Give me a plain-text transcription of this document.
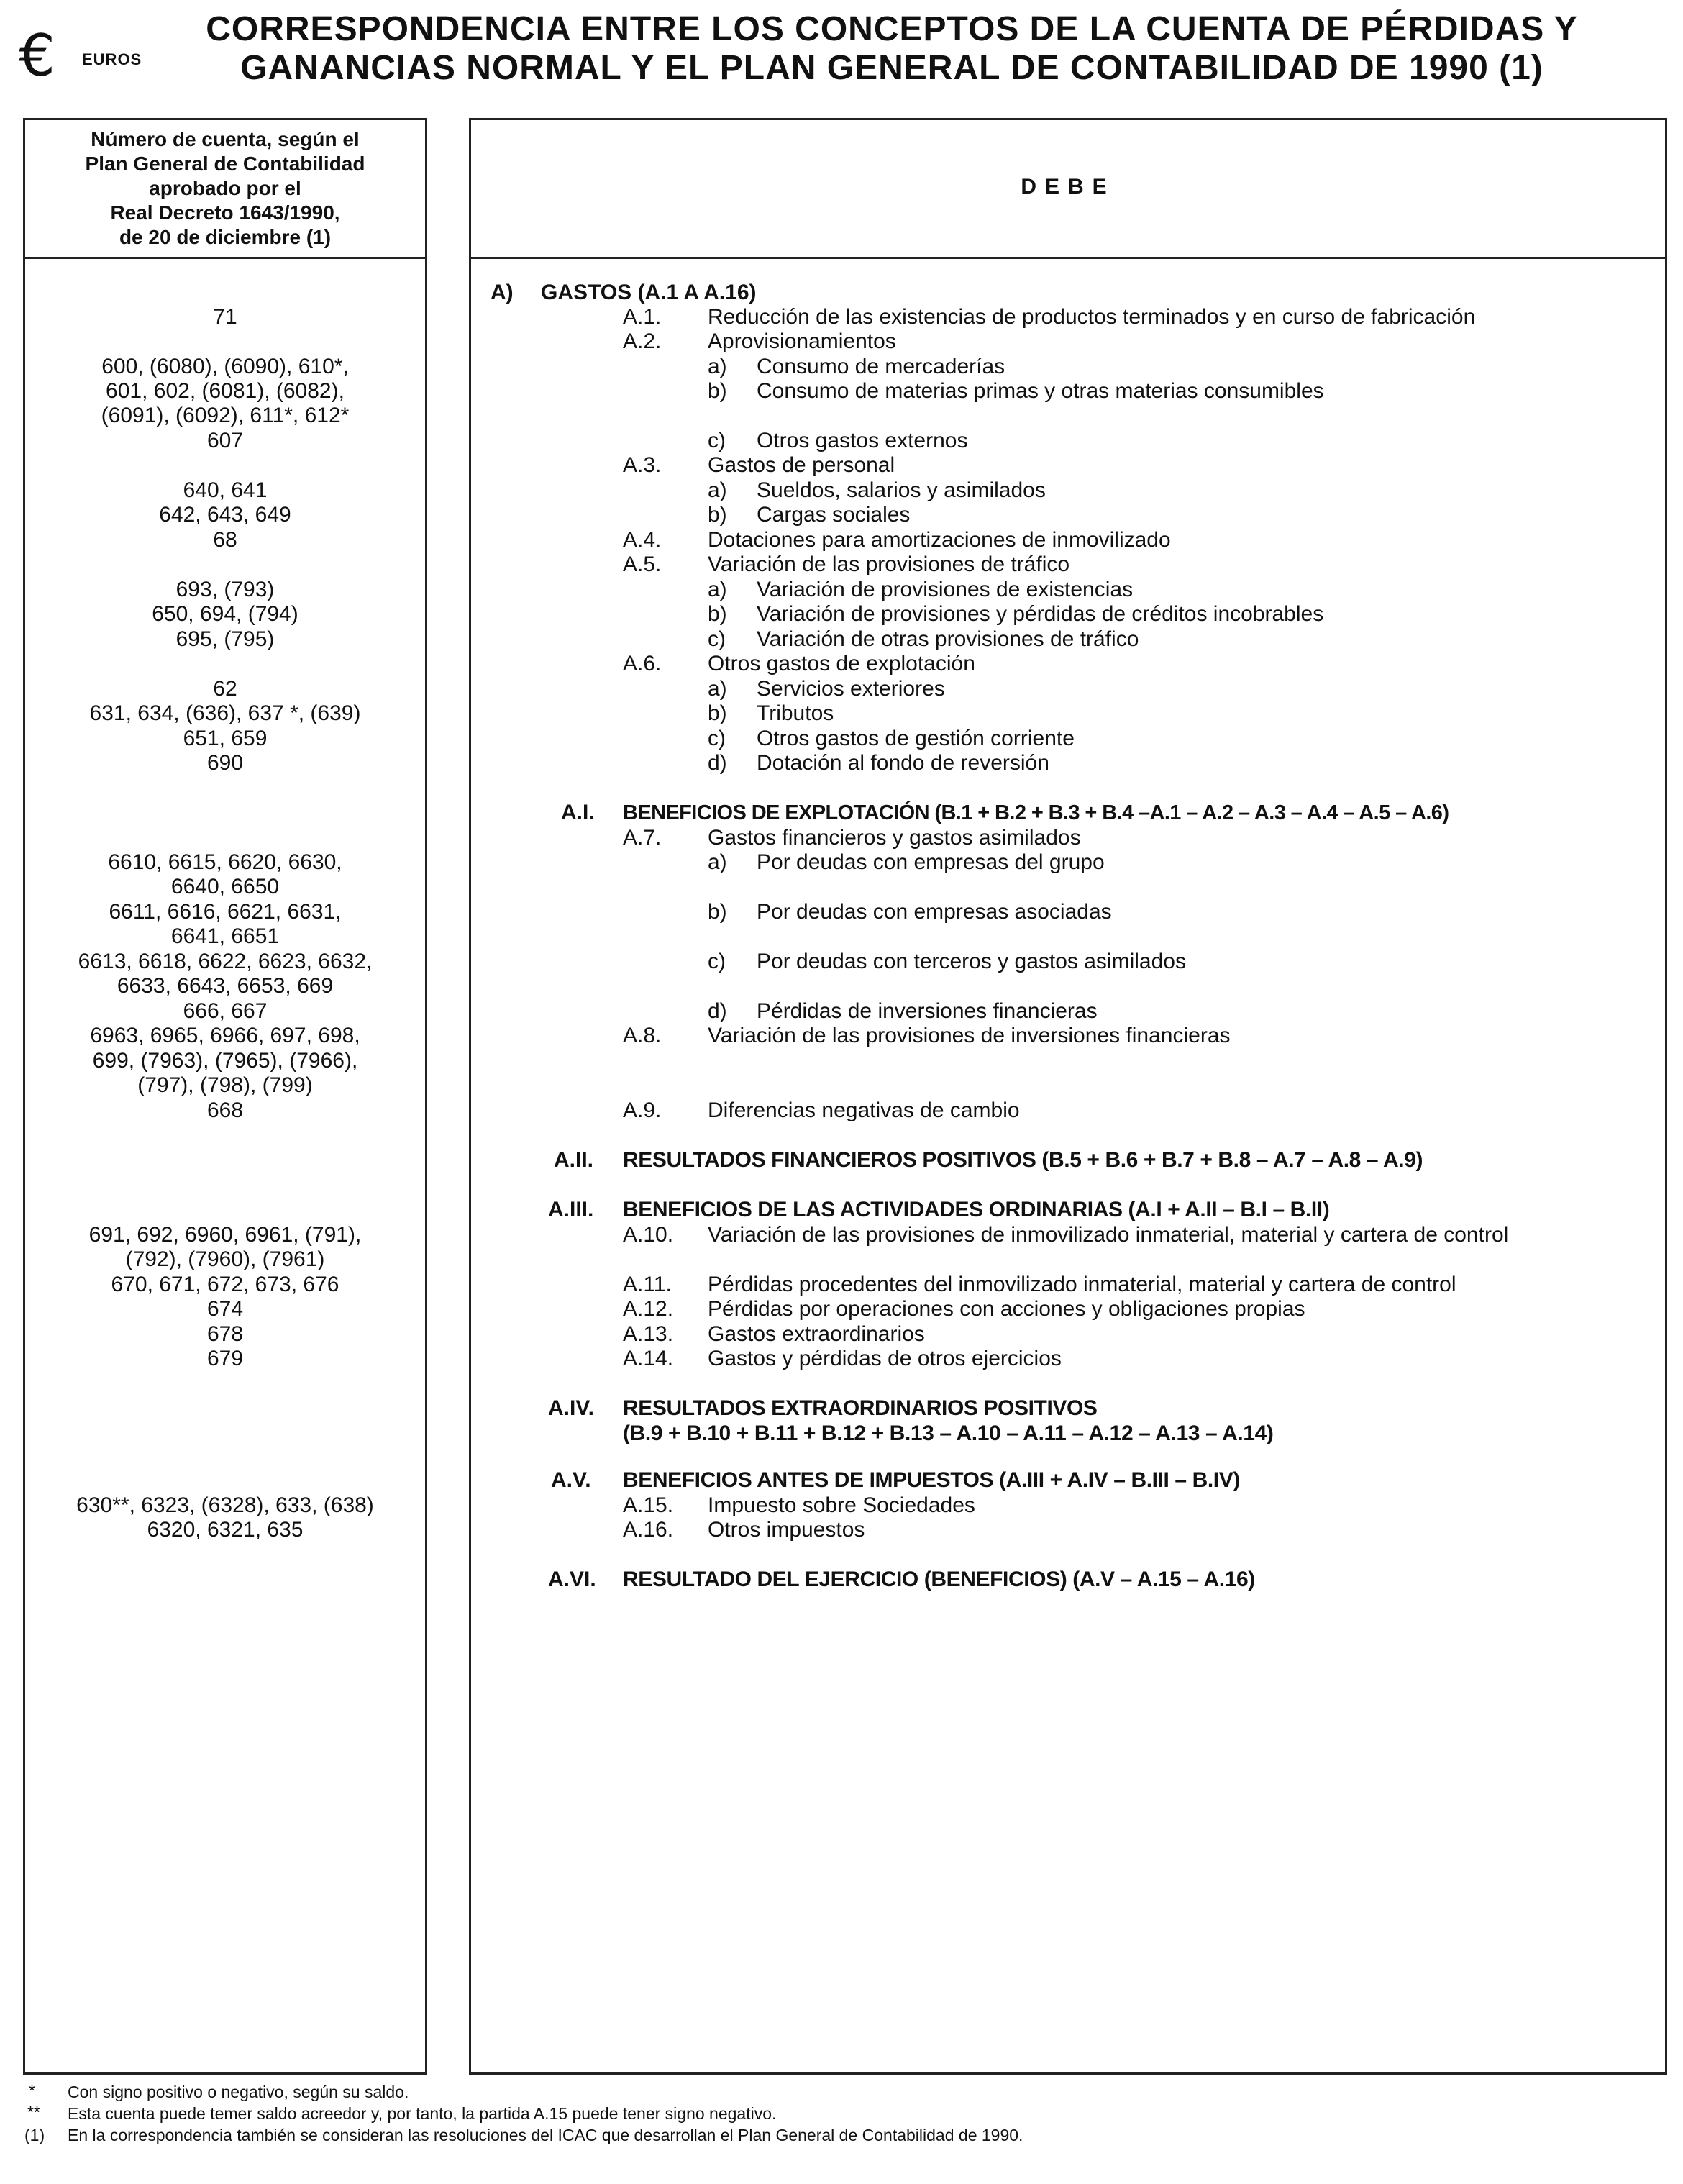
€ EUROS
CORRESPONDENCIA ENTRE LOS CONCEPTOS DE LA CUENTA DE PÉRDIDAS Y
GANANCIAS NORMAL Y EL PLAN GENERAL DE CONTABILIDAD DE 1990 (1)
Número de cuenta, según el
Plan General de Contabilidad
aprobado por el
Real Decreto 1643/1990,
de 20 de diciembre (1)
DEBE
71
600, (6080), (6090), 610*,
601, 602, (6081), (6082),
(6091), (6092), 611*, 612*
607
640, 641
642, 643, 649
68
693, (793)
650, 694, (794)
695, (795)
62
631, 634, (636), 637 *, (639)
651, 659
690
6610, 6615, 6620, 6630,
6640, 6650
6611, 6616, 6621, 6631,
6641, 6651
6613, 6618, 6622, 6623, 6632,
6633, 6643, 6653, 669
666, 667
6963, 6965, 6966, 697, 698,
699, (7963), (7965), (7966),
(797), (798), (799)
668
691, 692, 6960, 6961, (791),
(792), (7960), (7961)
670, 671, 672, 673, 676
674
678
679
630**, 6323, (6328), 633, (638)
6320, 6321, 635
A) GASTOS (A.1 A A.16)
A.1. Reducción de las existencias de productos terminados y en curso de fabricación
A.2. Aprovisionamientos
a) Consumo de mercaderías
b) Consumo de materias primas y otras materias consumibles
c) Otros gastos externos
A.3. Gastos de personal
a) Sueldos, salarios y asimilados
b) Cargas sociales
A.4. Dotaciones para amortizaciones de inmovilizado
A.5. Variación de las provisiones de tráfico
a) Variación de provisiones de existencias
b) Variación de provisiones y pérdidas de créditos incobrables
c) Variación de otras provisiones de tráfico
A.6. Otros gastos de explotación
a) Servicios exteriores
b) Tributos
c) Otros gastos de gestión corriente
d) Dotación al fondo de reversión
A.I. BENEFICIOS DE EXPLOTACIÓN (B.1 + B.2 + B.3 + B.4 –A.1 – A.2 – A.3 – A.4 – A.5 – A.6)
A.7. Gastos financieros y gastos asimilados
a) Por deudas con empresas del grupo
b) Por deudas con empresas asociadas
c) Por deudas con terceros y gastos asimilados
d) Pérdidas de inversiones financieras
A.8. Variación de las provisiones de inversiones financieras
A.9. Diferencias negativas de cambio
A.II. RESULTADOS FINANCIEROS POSITIVOS (B.5 + B.6 + B.7 + B.8 – A.7 – A.8 – A.9)
A.III. BENEFICIOS DE LAS ACTIVIDADES ORDINARIAS (A.I + A.II – B.I – B.II)
A.10. Variación de las provisiones de inmovilizado inmaterial, material y cartera de control
A.11. Pérdidas procedentes del inmovilizado inmaterial, material y cartera de control
A.12. Pérdidas por operaciones con acciones y obligaciones propias
A.13. Gastos extraordinarios
A.14. Gastos y pérdidas de otros ejercicios
A.IV. RESULTADOS EXTRAORDINARIOS POSITIVOS
(B.9 + B.10 + B.11 + B.12 + B.13 – A.10 – A.11 – A.12 – A.13 – A.14)
A.V. BENEFICIOS ANTES DE IMPUESTOS (A.III + A.IV – B.III – B.IV)
A.15. Impuesto sobre Sociedades
A.16. Otros impuestos
A.VI. RESULTADO DEL EJERCICIO (BENEFICIOS) (A.V – A.15 – A.16)
* Con signo positivo o negativo, según su saldo.
** Esta cuenta puede temer saldo acreedor y, por tanto, la partida A.15 puede tener signo negativo.
(1) En la correspondencia también se consideran las resoluciones del ICAC que desarrollan el Plan General de Contabilidad de 1990.
